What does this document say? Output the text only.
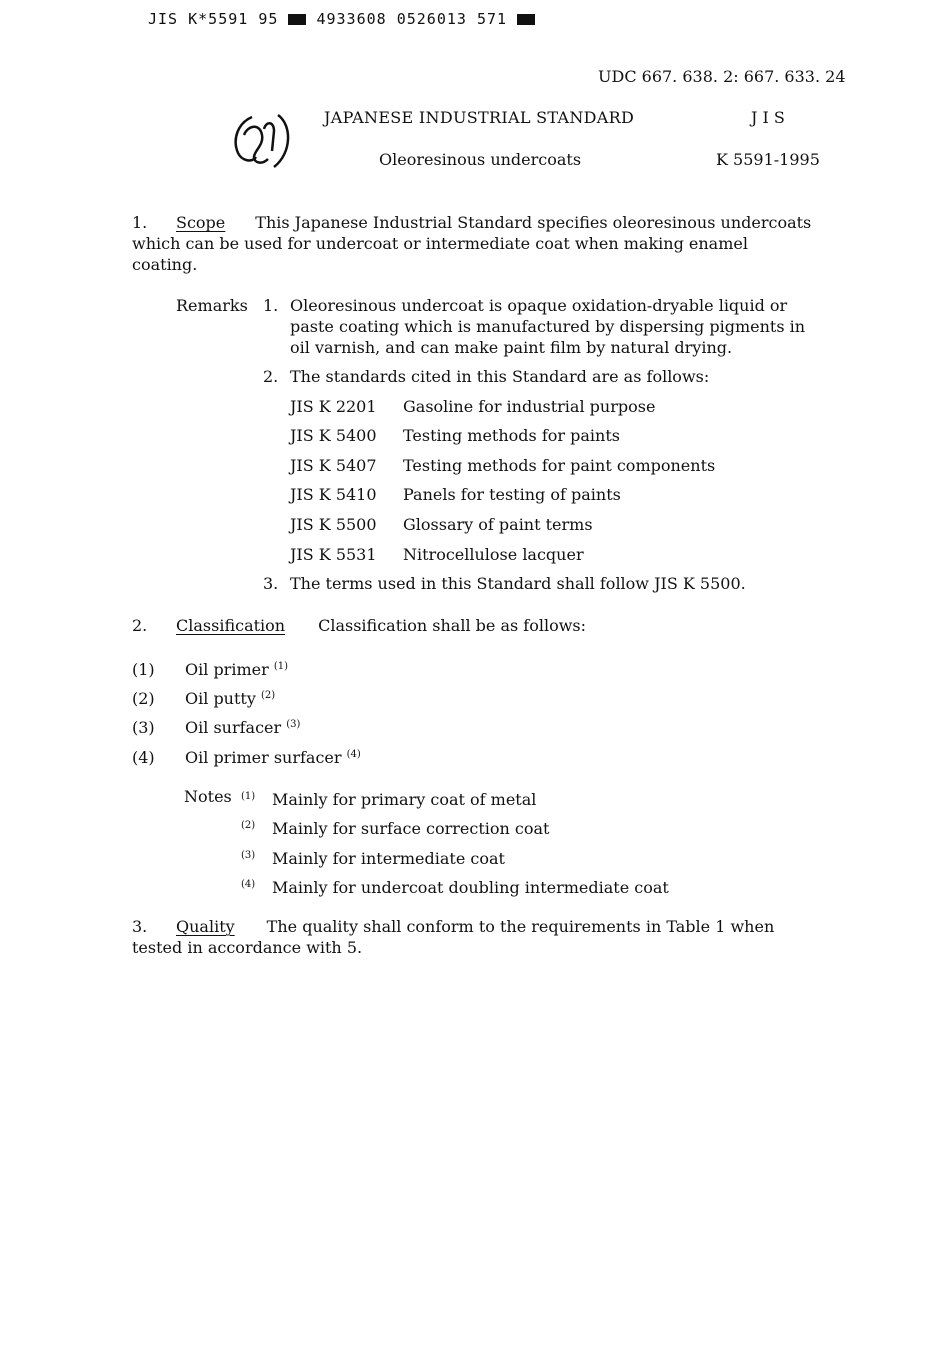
JIS K*5591 95	4933608 0526013 571
UDC 667. 638. 2: 667. 633. 24
JAPANESE INDUSTRIAL STANDARD	J I S
Oleoresinous undercoats	K 5591-1995
1. Scope This Japanese Industrial Standard specifies oleoresinous undercoats
which can be used for undercoat or intermediate coat when making enamel
coating.
Remarks 1. Oleoresinous undercoat is opaque oxidation-dryable liquid or
paste coating which is manufactured by dispersing pigments in
oil varnish, and can make paint film by natural drying.
2. The standards cited in this Standard are as follows:
JIS K 2201 Gasoline for industrial purpose
JIS K 5400 Testing methods for paints
JIS K 5407 Testing methods for paint components
JIS K 5410 Panels for testing of paints
JIS K 5500 Glossary of paint terms
JIS K 5531 Nitrocellulose lacquer
3. The terms used in this Standard shall follow JIS K 5500.
2. Classification Classification shall be as follows:
(1) Oil primer $^{(1)}$
(2) Oil putty $^{(2)}$
(3) Oil surfacer $^{(3)}$
(4) Oil primer surfacer $^{(4)}$
Notes $^{(1)}$ Mainly for primary coat of metal
$^{(2)}$ Mainly for surface correction coat
$^{(3)}$ Mainly for intermediate coat
$^{(4)}$ Mainly for undercoat doubling intermediate coat
3. Quality The quality shall conform to the requirements in Table 1 when
tested in accordance with 5.
